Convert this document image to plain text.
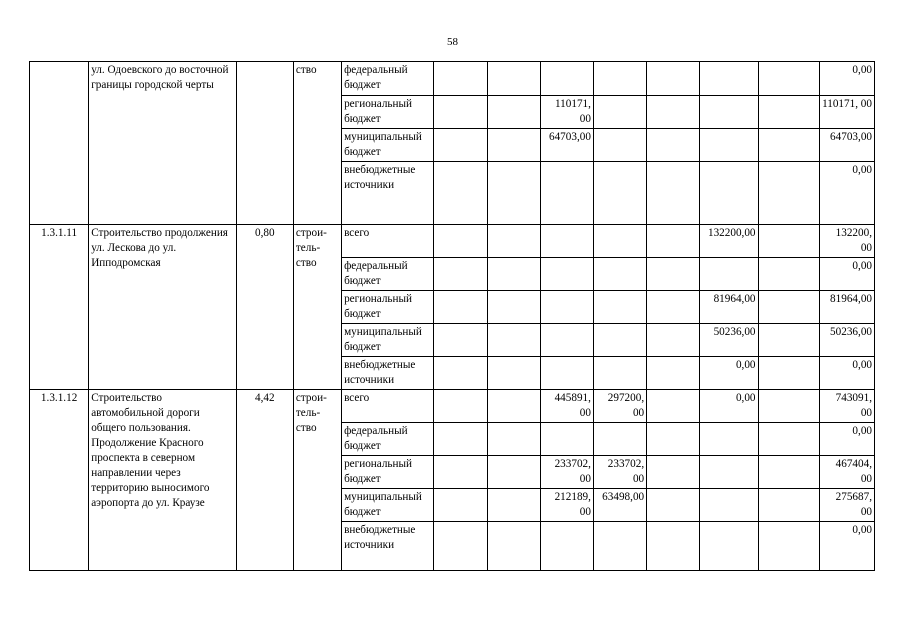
58
	ул. Одоевского до восточной границы городской черты		ство	федеральный бюджет								0,00
				региональный бюджет			110171, 00					110171, 00
				муниципальный бюджет			64703,00					64703,00
				внебюджетные источники								0,00
1.3.1.11	Строительство продолжения ул. Лескова до ул. Ипподромская	0,80	строи- тель- ство	всего						132200,00		132200, 00
				федеральный бюджет								0,00
				региональный бюджет						81964,00		81964,00
				муниципальный бюджет						50236,00		50236,00
				внебюджетные источники						0,00		0,00
1.3.1.12	Строительство автомобильной дороги общего пользования. Продолжение Красного проспекта в северном направлении через территорию выносимого аэропорта до ул. Краузе	4,42	строи- тель- ство	всего			445891, 00	297200, 00		0,00		743091, 00
				федеральный бюджет								0,00
				региональный бюджет			233702, 00	233702, 00				467404, 00
				муниципальный бюджет			212189, 00	63498,00				275687, 00
				внебюджетные источники								0,00
